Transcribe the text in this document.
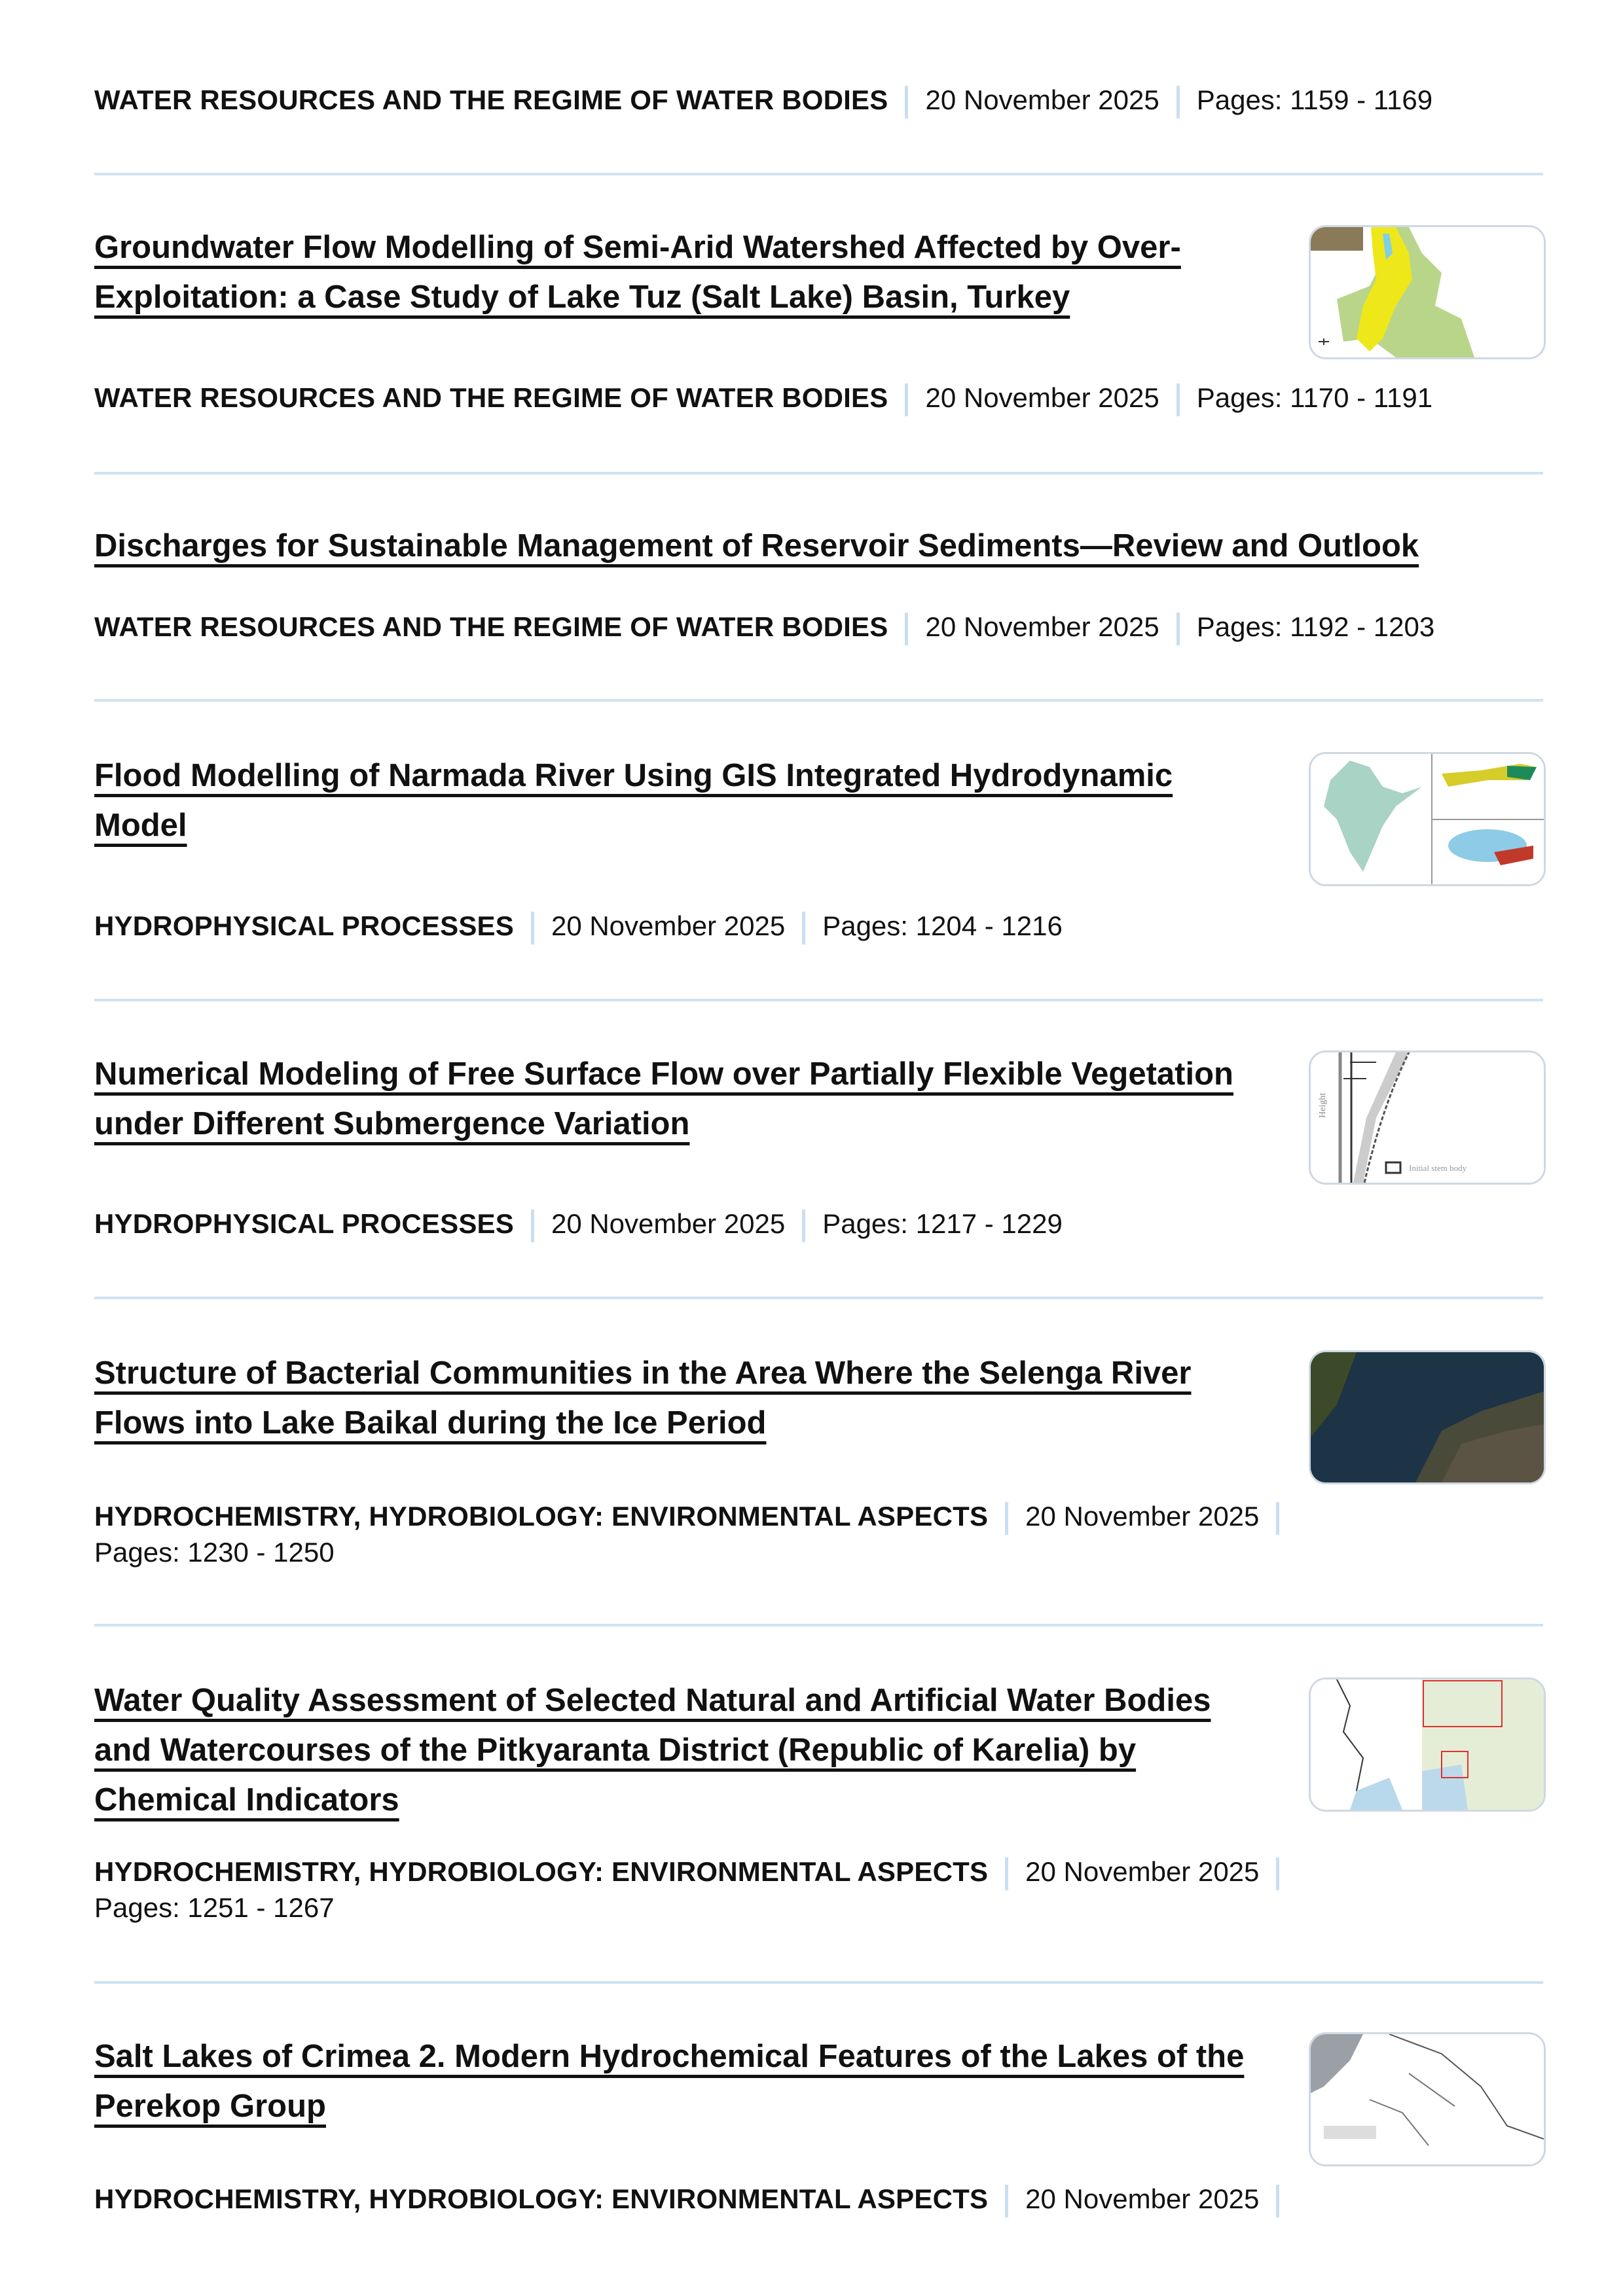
WATER RESOURCES AND THE REGIME OF WATER BODIES 20 November 2025 Pages: 1159 - 1169
Groundwater Flow Modelling of Semi-Arid Watershed Affected by Over-Exploitation: a Case Study of Lake Tuz (Salt Lake) Basin, Turkey
WATER RESOURCES AND THE REGIME OF WATER BODIES 20 November 2025 Pages: 1170 - 1191
Discharges for Sustainable Management of Reservoir Sediments—Review and Outlook
WATER RESOURCES AND THE REGIME OF WATER BODIES 20 November 2025 Pages: 1192 - 1203
Flood Modelling of Narmada River Using GIS Integrated Hydrodynamic Model
HYDROPHYSICAL PROCESSES 20 November 2025 Pages: 1204 - 1216
Numerical Modeling of Free Surface Flow over Partially Flexible Vegetation under Different Submergence Variation
Initial stem body
Height
HYDROPHYSICAL PROCESSES 20 November 2025 Pages: 1217 - 1229
Structure of Bacterial Communities in the Area Where the Selenga River Flows into Lake Baikal during the Ice Period
HYDROCHEMISTRY, HYDROBIOLOGY: ENVIRONMENTAL ASPECTS 20 November 2025
Pages: 1230 - 1250
Water Quality Assessment of Selected Natural and Artificial Water Bodies and Watercourses of the Pitkyaranta District (Republic of Karelia) by Chemical Indicators
HYDROCHEMISTRY, HYDROBIOLOGY: ENVIRONMENTAL ASPECTS 20 November 2025
Pages: 1251 - 1267
Salt Lakes of Crimea 2. Modern Hydrochemical Features of the Lakes of the Perekop Group
HYDROCHEMISTRY, HYDROBIOLOGY: ENVIRONMENTAL ASPECTS 20 November 2025
